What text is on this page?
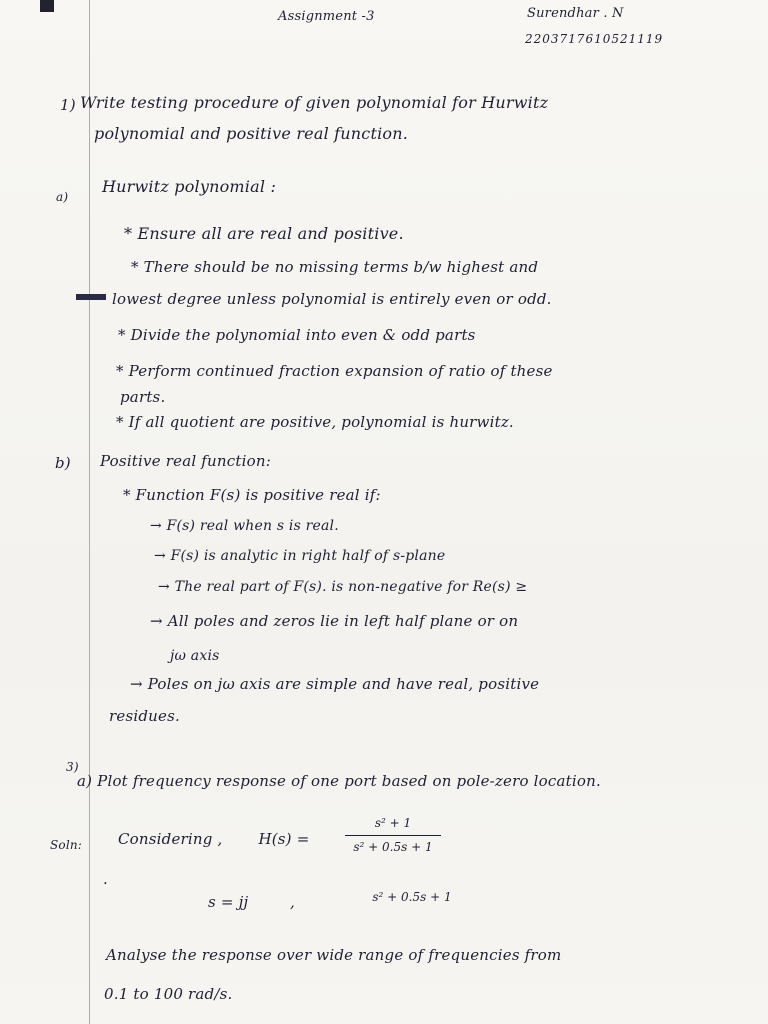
Assignment -3	Surendhar . N
2203717610521119
1) Write testing procedure of given polynomial for Hurwitz
polynomial and positive real function.
a)
Hurwitz polynomial :
* Ensure all are real and positive.
* There should be no missing terms b/w highest and
lowest degree unless polynomial is entirely even or odd.
* Divide the polynomial into even & odd parts
* Perform continued fraction expansion of ratio of these
parts.
* If all quotient are positive, polynomial is hurwitz.
b) Positive real function:
* Function F(s) is positive real if:
→ F(s) real when s is real.
→ F(s) is analytic in right half of s-plane
→ The real part of F(s). is non-negative for Re(s) ≥
→ All poles and zeros lie in left half plane or on
jω axis
→ Poles on jω axis are simple and have real, positive
residues.
3)
a) Plot frequency response of one port based on pole-zero location.
Soln: Considering , H(s) =
s² + 1
s² + 0.5s + 1
·
s = jj	,	s² + 0.5s + 1
Analyse the response over wide range of frequencies from
0.1 to 100 rad/s.
